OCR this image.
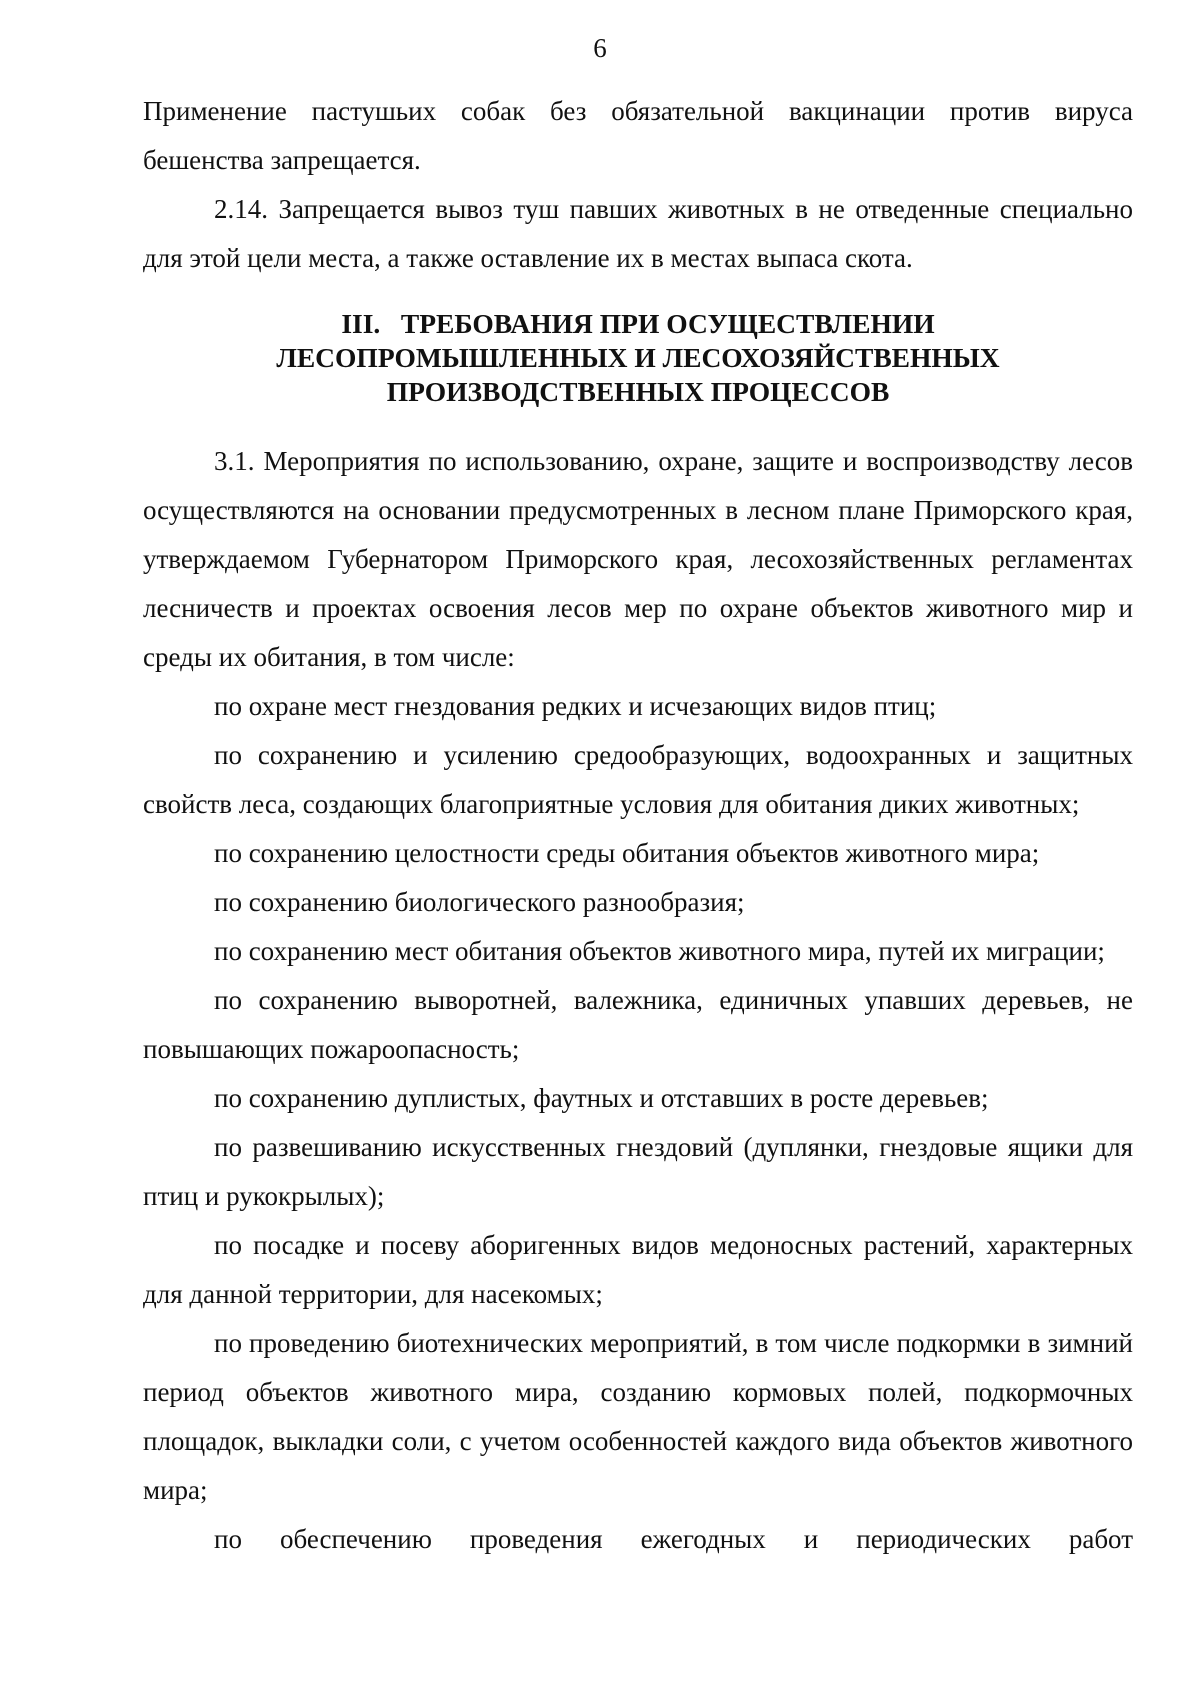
6

Применение пастушьих собак без обязательной вакцинации против вируса бешенства запрещается.

2.14. Запрещается вывоз туш павших животных в не отведенные специально для этой цели места, а также оставление их в местах выпаса скота.

III.   ТРЕБОВАНИЯ ПРИ ОСУЩЕСТВЛЕНИИ
ЛЕСОПРОМЫШЛЕННЫХ И ЛЕСОХОЗЯЙСТВЕННЫХ
ПРОИЗВОДСТВЕННЫХ ПРОЦЕССОВ

3.1. Мероприятия по использованию, охране, защите и воспроизводству лесов осуществляются на основании предусмотренных в лесном плане Приморского края, утверждаемом Губернатором Приморского края, лесохозяйственных регламентах лесничеств и проектах освоения лесов мер по охране объектов животного мир и среды их обитания, в том числе:

по охране мест гнездования редких и исчезающих видов птиц;

по сохранению и усилению средообразующих, водоохранных и защитных свойств леса, создающих благоприятные условия для обитания диких животных;

по сохранению целостности среды обитания объектов животного мира;

по сохранению биологического разнообразия;

по сохранению мест обитания объектов животного мира, путей их миграции;

по сохранению выворотней, валежника, единичных упавших деревьев, не повышающих пожароопасность;

по сохранению дуплистых, фаутных и отставших в росте деревьев;

по развешиванию искусственных гнездовий (дуплянки, гнездовые ящики для птиц и рукокрылых);

по посадке и посеву аборигенных видов медоносных растений, характерных для данной территории, для насекомых;

по проведению биотехнических мероприятий, в том числе подкормки в зимний период объектов животного мира, созданию кормовых полей, подкормочных площадок, выкладки соли, с учетом особенностей каждого вида объектов животного мира;

по обеспечению проведения ежегодных и периодических работ
